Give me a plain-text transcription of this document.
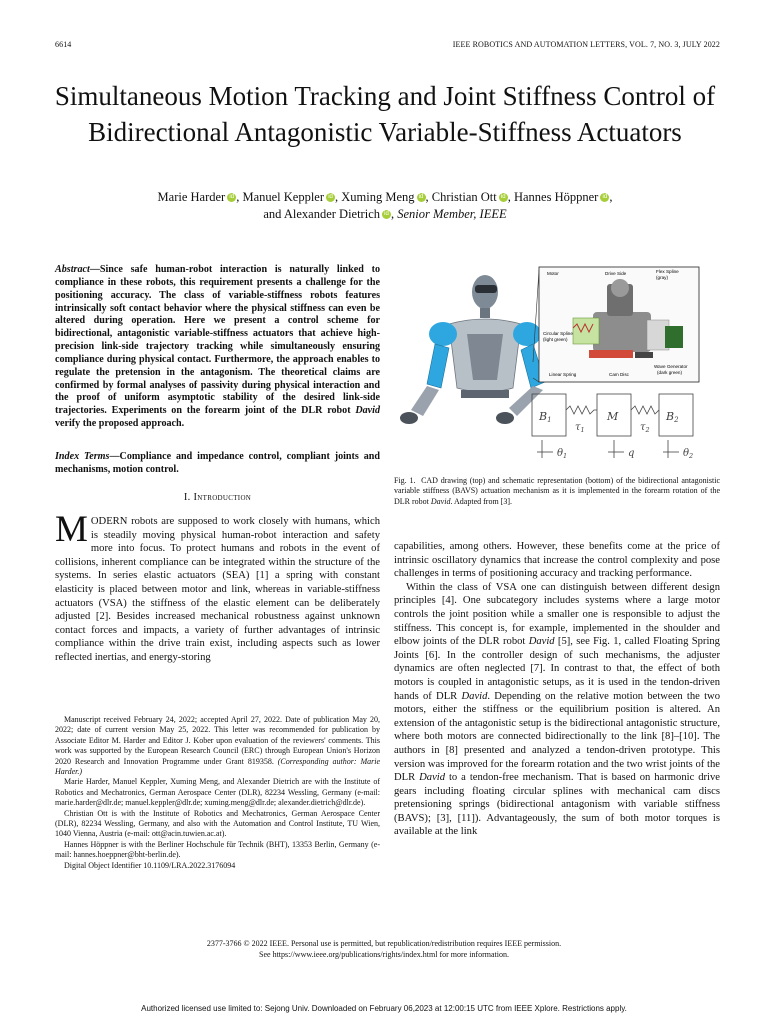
6614	IEEE ROBOTICS AND AUTOMATION LETTERS, VOL. 7, NO. 3, JULY 2022
Simultaneous Motion Tracking and Joint Stiffness Control of Bidirectional Antagonistic Variable-Stiffness Actuators
Marie Harder id , Manuel Keppler id , Xuming Meng id , Christian Ott id , Hannes Höppner id ,
and Alexander Dietrich id , Senior Member, IEEE
Abstract—Since safe human-robot interaction is naturally linked to compliance in these robots, this requirement presents a challenge for the positioning accuracy. The class of variable-stiffness robots features intrinsically soft contact behavior where the physical stiffness can even be altered during operation. Here we present a control scheme for bidirectional, antagonistic variable-stiffness actuators that achieve high-precision link-side trajectory tracking while simultaneously ensuring compliance during physical contact. Furthermore, the approach enables to regulate the pretension in the antagonism. The theoretical claims are confirmed by formal analyses of passivity during physical interaction and the proof of uniform asymptotic stability of the desired link-side trajectories. Experiments on the forearm joint of the DLR robot David verify the proposed approach.
Index Terms—Compliance and impedance control, compliant joints and mechanisms, motion control.
I. Introduction
MODERN robots are supposed to work closely with humans, which is steadily moving physical human-robot interaction and safety more into focus. To protect humans and robots in the event of collisions, inherent compliance can be integrated within the structure of the systems. In series elastic actuators (SEA) [1] a spring with constant elasticity is placed between motor and link, whereas in variable-stiffness actuators (VSA) the stiffness of the elastic element can be deliberately adjusted [2]. Besides increased mechanical robustness against unknown contact forces and impacts, a variety of further advantages of intrinsic compliance within the drive train exist, including aspects such as lower reflected inertias, and energy-storing

Manuscript received February 24, 2022; accepted April 27, 2022. Date of publication May 20, 2022; date of current version May 25, 2022. This letter was recommended for publication by Associate Editor M. Harder and Editor J. Kober upon evaluation of the reviewers' comments. This work was supported by the European Research Council (ERC) through European Union's Horizon 2020 Research and Innovation Programme under Grant 819358. (Corresponding author: Marie Harder.)

Marie Harder, Manuel Keppler, Xuming Meng, and Alexander Dietrich are with the Institute of Robotics and Mechatronics, German Aerospace Center (DLR), 82234 Wessling, Germany (e-mail: marie.harder@dlr.de; manuel.keppler@dlr.de; xuming.meng@dlr.de; alexander.dietrich@dlr.de).

Christian Ott is with the Institute of Robotics and Mechatronics, German Aerospace Center (DLR), 82234 Wessling, Germany, and also with the Automation and Control Institute, TU Wien, 1040 Vienna, Austria (e-mail: ott@acin.tuwien.ac.at).

Hannes Höppner is with the Berliner Hochschule für Technik (BHT), 13353 Berlin, Germany (e-mail: hannes.hoeppner@bht-berlin.de).

Digital Object Identifier 10.1109/LRA.2022.3176094

Motor	Drive Side	Flex Spline
(gray)
Circular Spline
(light green)
Linear Spring	Cam Disc
Wave Generator
(dark green)
B1	M	B2
$\tau_1$	$\tau_2$
$\theta_1$	q	$\theta_2$
Fig. 1. CAD drawing (top) and schematic representation (bottom) of the bidirectional antagonistic variable stiffness (BAVS) actuation mechanism as it is implemented in the forearm rotation of the DLR robot David. Adapted from [3].

capabilities, among others. However, these benefits come at the price of intrinsic oscillatory dynamics that increase the control complexity and pose challenges in terms of positioning accuracy and tracking performance.

Within the class of VSA one can distinguish between different design principles [4]. One subcategory includes systems where a large motor controls the joint position while a smaller one is responsible to adjust the stiffness. This concept is, for example, implemented in the shoulder and elbow joints of the DLR robot David [5], see Fig. 1, called Floating Spring Joints [6]. In the controller design of such mechanisms, the adjuster dynamics are often neglected [7]. In contrast to that, the effect of both motors is coupled in antagonistic setups, as it is used in the tendon-driven hands of DLR David. Depending on the relative motion between the two motors, either the stiffness or the equilibrium position is altered. An extension of the antagonistic setup is the bidirectional antagonistic structure, where both motors are connected bidirectionally to the link [8]–[10]. The authors in [8] presented and analyzed a tendon-driven prototype. This version was improved for the forearm rotation and the two wrist joints of the DLR David to a tendon-free mechanism. That is based on harmonic drive gears including floating circular splines with mechanical cam discs pretensioning springs (bidirectional antagonism with variable stiffness (BAVS); [3], [11]). Advantageously, the sum of both motor torques is available at the link

2377-3766 © 2022 IEEE. Personal use is permitted, but republication/redistribution requires IEEE permission.
See https://www.ieee.org/publications/rights/index.html for more information.
Authorized licensed use limited to: Sejong Univ. Downloaded on February 06,2023 at 12:00:15 UTC from IEEE Xplore. Restrictions apply.
